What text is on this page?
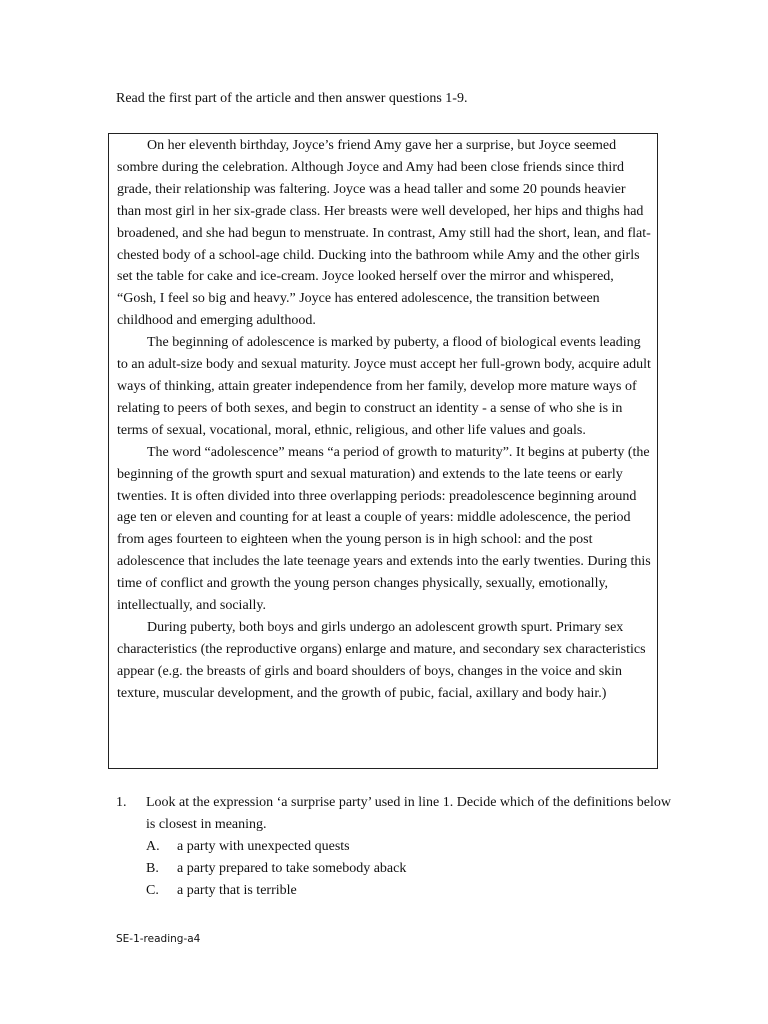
Read the first part of the article and then answer questions 1-9.

On her eleventh birthday, Joyce’s friend Amy gave her a surprise, but Joyce seemed sombre during the celebration. Although Joyce and Amy had been close friends since third grade, their relationship was faltering. Joyce was a head taller and some 20 pounds heavier than most girl in her six-grade class. Her breasts were well developed, her hips and thighs had broadened, and she had begun to menstruate. In contrast, Amy still had the short, lean, and flat-chested body of a school-age child. Ducking into the bathroom while Amy and the other girls set the table for cake and ice-cream. Joyce looked herself over the mirror and whispered, “Gosh, I feel so big and heavy.” Joyce has entered adolescence, the transition between childhood and emerging adulthood.

The beginning of adolescence is marked by puberty, a flood of biological events leading to an adult-size body and sexual maturity. Joyce must accept her full-grown body, acquire adult ways of thinking, attain greater independence from her family, develop more mature ways of relating to peers of both sexes, and begin to construct an identity - a sense of who she is in terms of sexual, vocational, moral, ethnic, religious, and other life values and goals.

The word “adolescence” means “a period of growth to maturity”. It begins at puberty (the beginning of the growth spurt and sexual maturation) and extends to the late teens or early twenties. It is often divided into three overlapping periods: preadolescence beginning around age ten or eleven and counting for at least a couple of years: middle adolescence, the period from ages fourteen to eighteen when the young person is in high school: and the post adolescence that includes the late teenage years and extends into the early twenties. During this time of conflict and growth the young person changes physically, sexually, emotionally, intellectually, and socially.

During puberty, both boys and girls undergo an adolescent growth spurt. Primary sex characteristics (the reproductive organs) enlarge and mature, and secondary sex characteristics appear (e.g. the breasts of girls and board shoulders of boys, changes in the voice and skin texture, muscular development, and the growth of pubic, facial, axillary and body hair.)

1.	Look at the expression ‘a surprise party’ used in line 1. Decide which of the definitions below is closest in meaning.
A.	a party with unexpected quests
B.	a party prepared to take somebody aback
C.	a party that is terrible
SE-1-reading-a4
